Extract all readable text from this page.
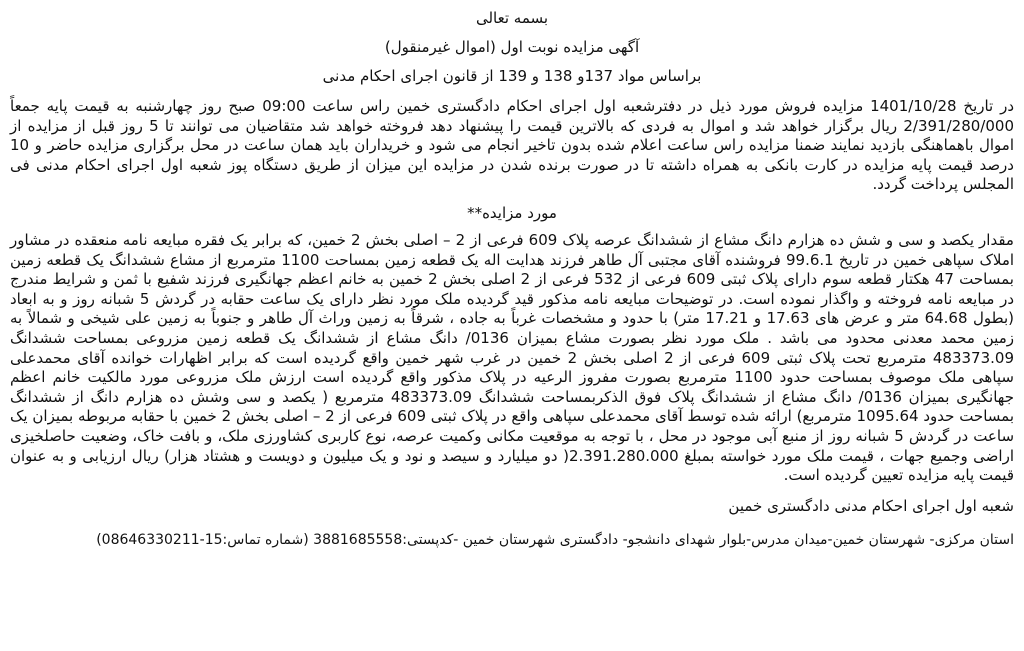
بسمه تعالی
آگهی مزایده نوبت اول (اموال غیرمنقول)
براساس مواد 137و 138 و 139 از قانون اجرای احکام مدنی

در تاریخ 1401/10/28 مزایده فروش مورد ذیل در دفترشعبه اول اجرای احکام دادگستری خمین راس ساعت 09:00 صبح روز چهارشنبه به قیمت پایه جمعاً 2/391/280/000 ریال برگزار خواهد شد و اموال به فردی که بالاترین قیمت را پیشنهاد دهد فروخته خواهد شد متقاضیان می توانند تا 5 روز قبل از مزایده از اموال باهماهنگی بازدید نمایند ضمنا مزایده راس ساعت اعلام شده بدون تاخیر انجام می شود و خریداران باید همان ساعت در محل برگزاری مزایده حاضر و 10 درصد قیمت پایه مزایده در کارت بانکی به همراه داشته تا در صورت برنده شدن در مزایده این میزان از طریق دستگاه پوز شعبه اول اجرای احکام مدنی فی المجلس پرداخت گردد.

مورد مزایده**

مقدار یکصد و سی و شش ده هزارم دانگ مشاع از ششدانگ عرصه پلاک 609 فرعی از 2 – اصلی بخش 2 خمین، که برابر یک فقره مبایعه نامه منعقده در مشاور املاک سپاهی خمین در تاریخ 99.6.1 فروشنده آقای مجتبی آل طاهر فرزند هدایت اله یک قطعه زمین بمساحت 1100 مترمربع از مشاع ششدانگ یک قطعه زمین بمساحت 47 هکتار قطعه سوم دارای پلاک ثبتی 609 فرعی از 532 فرعی از 2 اصلی بخش 2 خمین به خانم اعظم جهانگیری فرزند شفیع با ثمن و شرایط مندرج در مبایعه نامه فروخته و واگذار نموده است. در توضیحات مبایعه نامه مذکور قید گردیده ملک مورد نظر دارای یک ساعت حقابه در گردش 5 شبانه روز و به ابعاد (بطول 64.68 متر و عرض های 17.63 و 17.21 متر) با حدود و مشخصات غرباً به جاده ، شرقاً به زمین وراث آل طاهر و جنوباً به زمین علی شیخی و شمالاً به زمین محمد معدنی محدود می باشد . ملک مورد نظر بصورت مشاع بمیزان 0136/ دانگ مشاع از ششدانگ یک قطعه زمین مزروعی بمساحت ششدانگ 483373.09 مترمربع تحت پلاک ثبتی 609 فرعی از 2 اصلی بخش 2 خمین در غرب شهر خمین واقع گردیده است که برابر اظهارات خوانده آقای محمدعلی سپاهی ملک موصوف بمساحت حدود 1100 مترمربع بصورت مفروز الرعیه در پلاک مذکور واقع گردیده است ارزش ملک مزروعی مورد مالکیت خانم اعظم جهانگیری بمیزان 0136/ دانگ مشاع از ششدانگ پلاک فوق الذکربمساحت ششدانگ 483373.09 مترمربع ( یکصد و سی وشش ده هزارم دانگ از ششدانگ بمساحت حدود 1095.64 مترمربع) ارائه شده توسط آقای محمدعلی سپاهی واقع در پلاک ثبتی 609 فرعی از 2 – اصلی بخش 2 خمین با حقابه مربوطه بمیزان یک ساعت در گردش 5 شبانه روز از منبع آبی موجود در محل ، با توجه به موقعیت مکانی وکمیت عرصه، نوع کاربری کشاورزی ملک، و بافت خاک، وضعیت حاصلخیزی اراضی وجمیع جهات ، قیمت ملک مورد خواسته بمبلغ 2.391.280.000( دو میلیارد و سیصد و نود و یک میلیون و دویست و هشتاد هزار) ریال ارزیابی و به عنوان قیمت پایه مزایده تعیین گردیده است.

شعبه اول اجرای احکام مدنی دادگستری خمین
استان مرکزی- شهرستان خمین-میدان مدرس-بلوار شهدای دانشجو- دادگستری شهرستان خمین -کدپستی:3881685558 (شماره تماس:15-08646330211)
